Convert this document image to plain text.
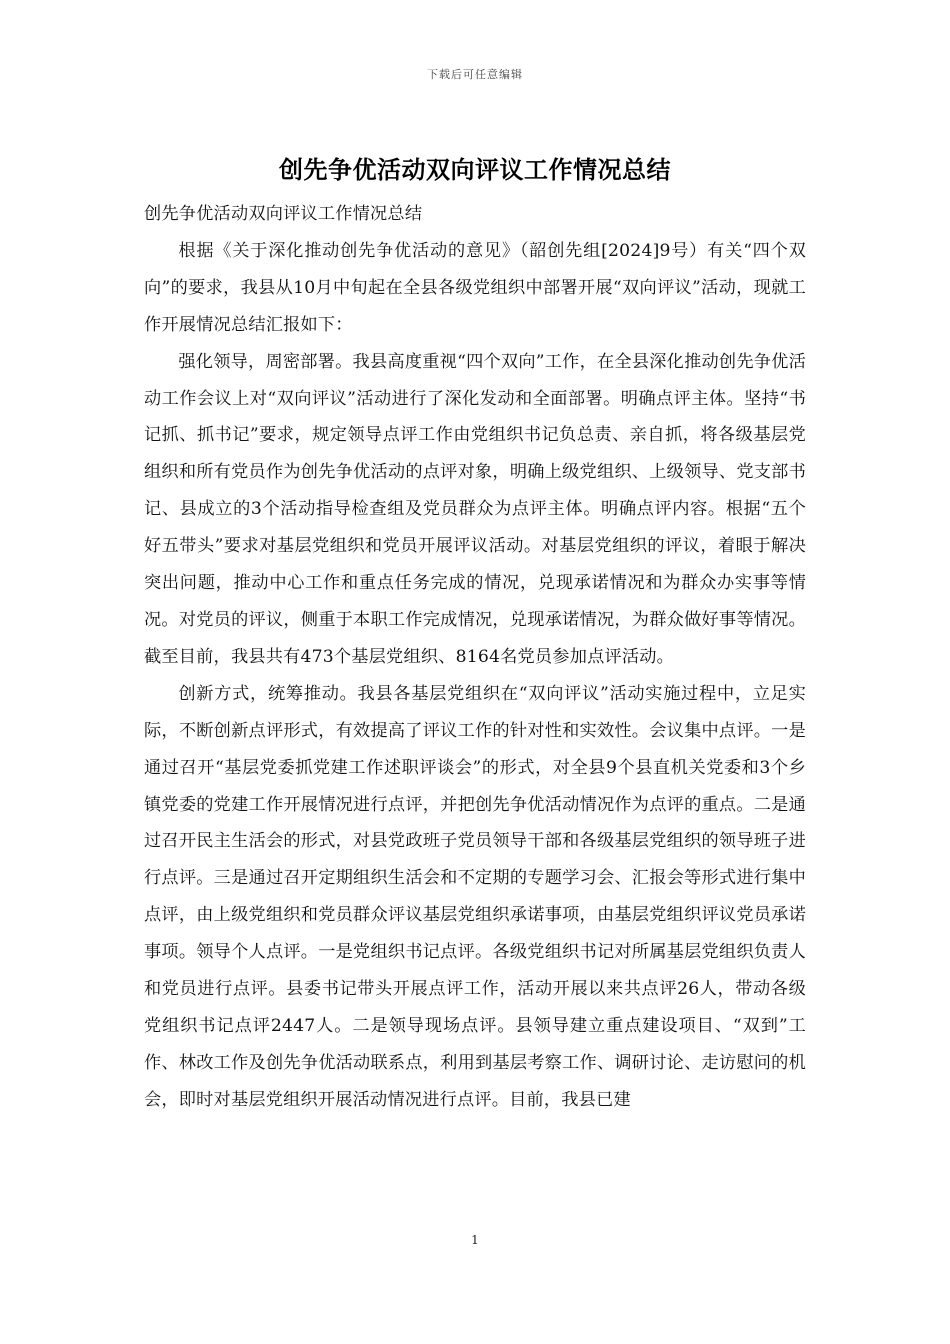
下载后可任意编辑
创先争优活动双向评议工作情况总结

创先争优活动双向评议工作情况总结

根据《关于深化推动创先争优活动的意见》（韶创先组[2024]9号）有关“四个双向”的要求，我县从10月中旬起在全县各级党组织中部署开展“双向评议”活动，现就工作开展情况总结汇报如下：

强化领导，周密部署。我县高度重视“四个双向”工作，在全县深化推动创先争优活动工作会议上对“双向评议”活动进行了深化发动和全面部署。明确点评主体。坚持“书记抓、抓书记”要求，规定领导点评工作由党组织书记负总责、亲自抓，将各级基层党组织和所有党员作为创先争优活动的点评对象，明确上级党组织、上级领导、党支部书记、县成立的3个活动指导检查组及党员群众为点评主体。明确点评内容。根据“五个好五带头”要求对基层党组织和党员开展评议活动。对基层党组织的评议，着眼于解决突出问题，推动中心工作和重点任务完成的情况，兑现承诺情况和为群众办实事等情况。对党员的评议，侧重于本职工作完成情况，兑现承诺情况，为群众做好事等情况。截至目前，我县共有473个基层党组织、8164名党员参加点评活动。

创新方式，统筹推动。我县各基层党组织在“双向评议”活动实施过程中，立足实际，不断创新点评形式，有效提高了评议工作的针对性和实效性。会议集中点评。一是通过召开“基层党委抓党建工作述职评谈会”的形式，对全县9个县直机关党委和3个乡镇党委的党建工作开展情况进行点评，并把创先争优活动情况作为点评的重点。二是通过召开民主生活会的形式，对县党政班子党员领导干部和各级基层党组织的领导班子进行点评。三是通过召开定期组织生活会和不定期的专题学习会、汇报会等形式进行集中点评，由上级党组织和党员群众评议基层党组织承诺事项，由基层党组织评议党员承诺事项。领导个人点评。一是党组织书记点评。各级党组织书记对所属基层党组织负责人和党员进行点评。县委书记带头开展点评工作，活动开展以来共点评26人，带动各级党组织书记点评2447人。二是领导现场点评。县领导建立重点建设项目、“双到”工作、林改工作及创先争优活动联系点，利用到基层考察工作、调研讨论、走访慰问的机会，即时对基层党组织开展活动情况进行点评。目前，我县已建

1
